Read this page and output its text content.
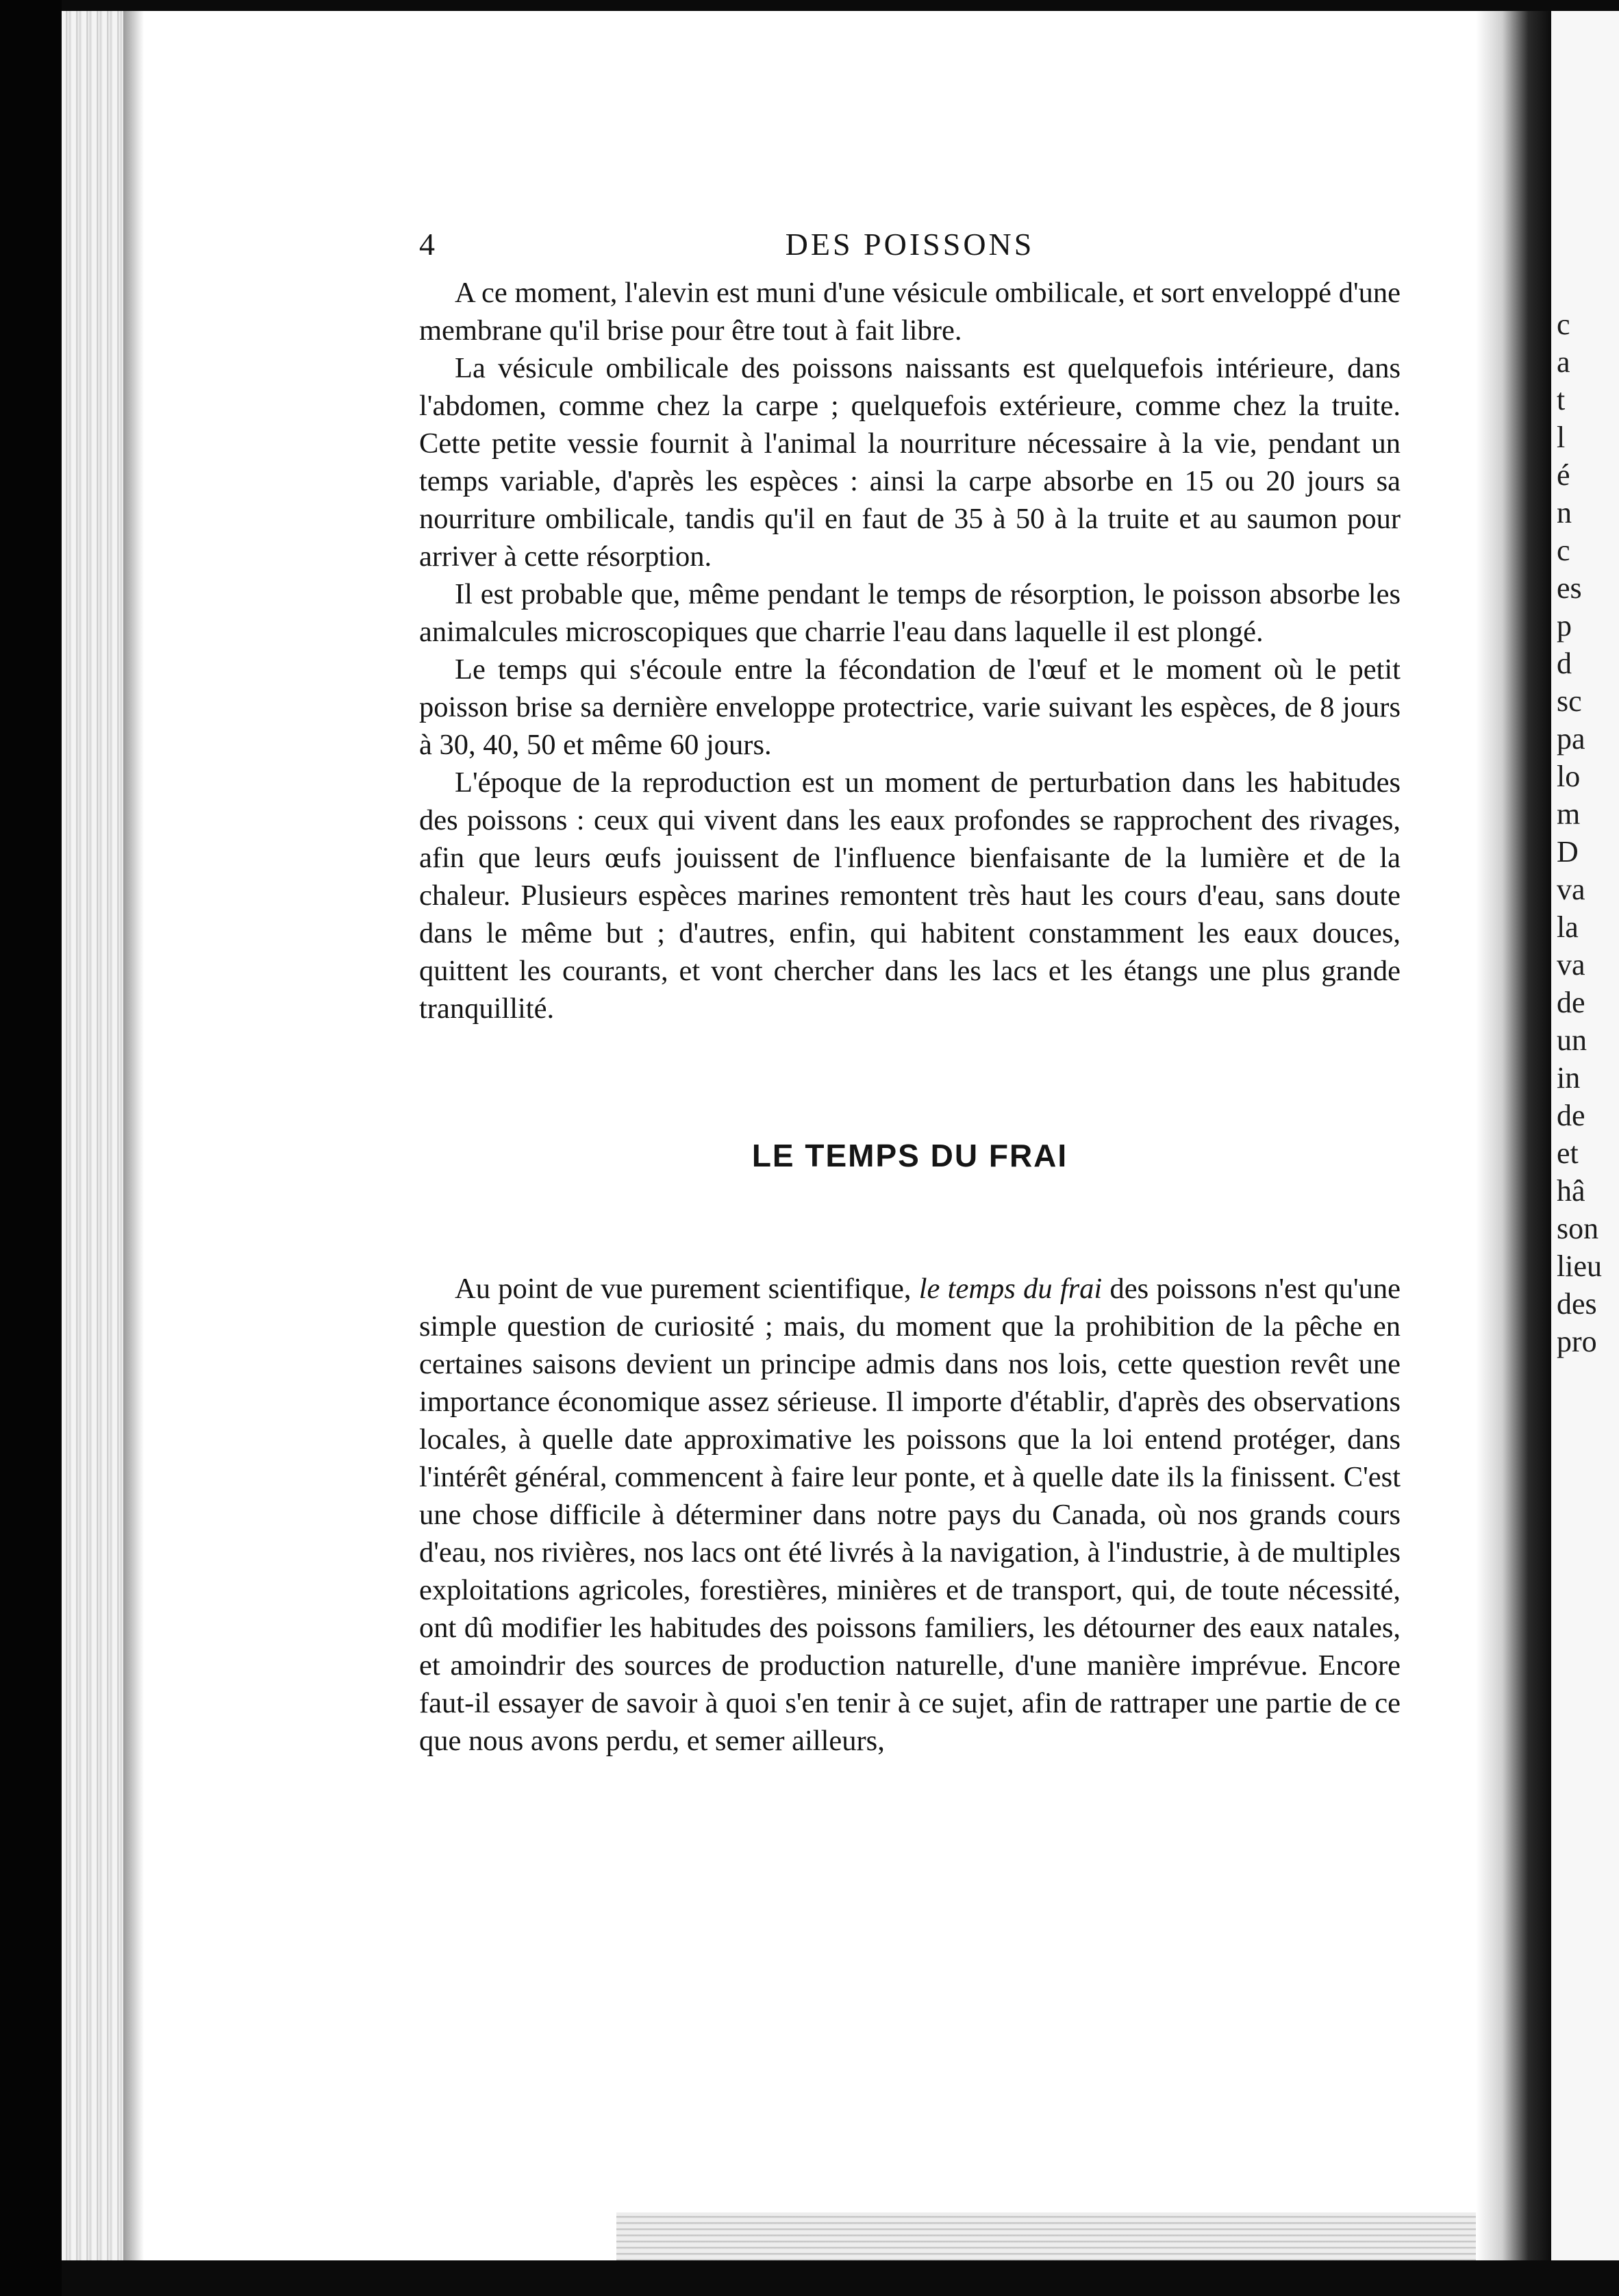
c
a
t
l
é
n
c
es
p
d
sc
pa
lo
m
D
va
la
va
de
un
in
de
et
hâ
son
lieu
des
pro
4	DES POISSONS

A ce moment, l'alevin est muni d'une vésicule ombilicale, et sort enveloppé d'une membrane qu'il brise pour être tout à fait libre.

La vésicule ombilicale des poissons naissants est quelquefois intérieure, dans l'abdomen, comme chez la carpe ; quelquefois extérieure, comme chez la truite. Cette petite vessie fournit à l'animal la nourriture nécessaire à la vie, pendant un temps variable, d'après les espèces : ainsi la carpe absorbe en 15 ou 20 jours sa nourriture ombilicale, tandis qu'il en faut de 35 à 50 à la truite et au saumon pour arriver à cette résorption.

Il est probable que, même pendant le temps de résorption, le poisson absorbe les animalcules microscopiques que charrie l'eau dans laquelle il est plongé.

Le temps qui s'écoule entre la fécondation de l'œuf et le moment où le petit poisson brise sa dernière enveloppe protectrice, varie suivant les espèces, de 8 jours à 30, 40, 50 et même 60 jours.

L'époque de la reproduction est un moment de perturbation dans les habitudes des poissons : ceux qui vivent dans les eaux profondes se rapprochent des rivages, afin que leurs œufs jouissent de l'influence bienfaisante de la lumière et de la chaleur. Plusieurs espèces marines remontent très haut les cours d'eau, sans doute dans le même but ; d'autres, enfin, qui habitent constamment les eaux douces, quittent les courants, et vont chercher dans les lacs et les étangs une plus grande tranquillité.

LE TEMPS DU FRAI

Au point de vue purement scientifique, le temps du frai des poissons n'est qu'une simple question de curiosité ; mais, du moment que la prohibition de la pêche en certaines saisons devient un principe admis dans nos lois, cette question revêt une importance économique assez sérieuse. Il importe d'établir, d'après des observations locales, à quelle date approximative les poissons que la loi entend protéger, dans l'intérêt général, commencent à faire leur ponte, et à quelle date ils la finissent. C'est une chose difficile à déterminer dans notre pays du Canada, où nos grands cours d'eau, nos rivières, nos lacs ont été livrés à la navigation, à l'industrie, à de multiples exploitations agricoles, forestières, minières et de transport, qui, de toute nécessité, ont dû modifier les habitudes des poissons familiers, les détourner des eaux natales, et amoindrir des sources de production naturelle, d'une manière imprévue. Encore faut-il essayer de savoir à quoi s'en tenir à ce sujet, afin de rattraper une partie de ce que nous avons perdu, et semer ailleurs,
